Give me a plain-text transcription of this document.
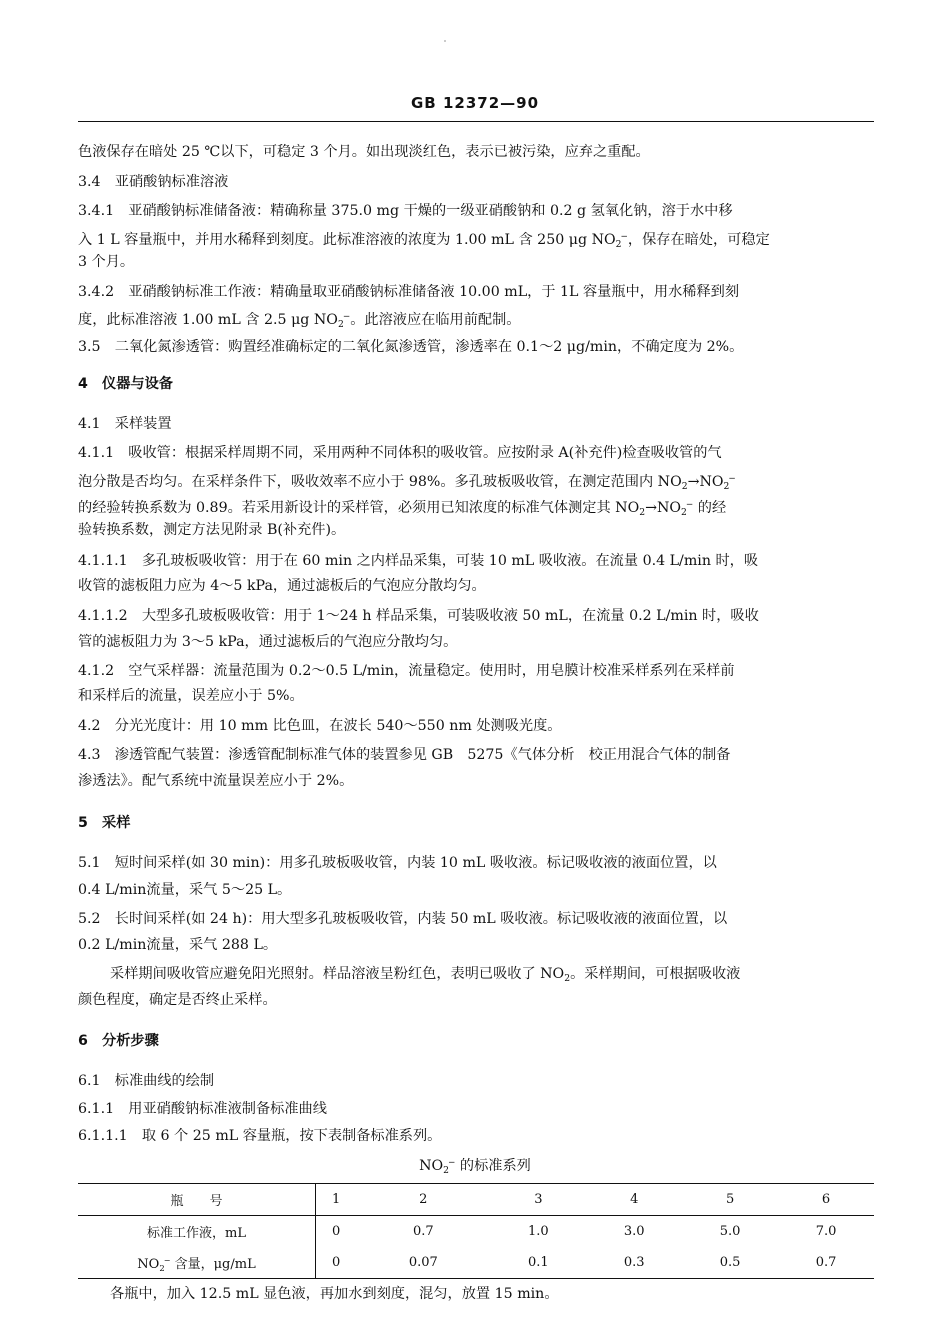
GB 12372—90
色液保存在暗处 25 ℃以下，可稳定 3 个月。如出现淡红色，表示已被污染，应弃之重配。
3.4　亚硝酸钠标准溶液
3.4.1　亚硝酸钠标准储备液：精确称量 375.0 mg 干燥的一级亚硝酸钠和 0.2 g 氢氧化钠，溶于水中移
入 1 L 容量瓶中，并用水稀释到刻度。此标准溶液的浓度为 1.00 mL 含 250 μg $NO_2^-$，保存在暗处，可稳定
3 个月。
3.4.2　亚硝酸钠标准工作液：精确量取亚硝酸钠标准储备液 10.00 mL，于 1L 容量瓶中，用水稀释到刻
度，此标准溶液 1.00 mL 含 2.5 μg $NO_2^-$。此溶液应在临用前配制。
3.5　二氧化氮渗透管：购置经准确标定的二氧化氮渗透管，渗透率在 0.1～2 μg/min，不确定度为 2%。
4　仪器与设备
4.1　采样装置
4.1.1　吸收管：根据采样周期不同，采用两种不同体积的吸收管。应按附录 A(补充件)检查吸收管的气
泡分散是否均匀。在采样条件下，吸收效率不应小于 98%。多孔玻板吸收管，在测定范围内 $NO_2\to NO_2^-$
的经验转换系数为 0.89。若采用新设计的采样管，必须用已知浓度的标准气体测定其 $NO_2\to NO_2^-$ 的经
验转换系数，测定方法见附录 B(补充件)。
4.1.1.1　多孔玻板吸收管：用于在 60 min 之内样品采集，可装 10 mL 吸收液。在流量 0.4 L/min 时，吸
收管的滤板阻力应为 4～5 kPa，通过滤板后的气泡应分散均匀。
4.1.1.2　大型多孔玻板吸收管：用于 1～24 h 样品采集，可装吸收液 50 mL，在流量 0.2 L/min 时，吸收
管的滤板阻力为 3～5 kPa，通过滤板后的气泡应分散均匀。
4.1.2　空气采样器：流量范围为 0.2～0.5 L/min，流量稳定。使用时，用皂膜计校准采样系列在采样前
和采样后的流量，误差应小于 5%。
4.2　分光光度计：用 10 mm 比色皿，在波长 540～550 nm 处测吸光度。
4.3　渗透管配气装置：渗透管配制标准气体的装置参见 GB　5275《气体分析　校正用混合气体的制备
渗透法》。配气系统中流量误差应小于 2%。
5　采样
5.1　短时间采样(如 30 min)：用多孔玻板吸收管，内装 10 mL 吸收液。标记吸收液的液面位置，以
0.4 L/min流量，采气 5～25 L。
5.2　长时间采样(如 24 h)：用大型多孔玻板吸收管，内装 50 mL 吸收液。标记吸收液的液面位置，以
0.2 L/min流量，采气 288 L。
采样期间吸收管应避免阳光照射。样品溶液呈粉红色，表明已吸收了 $NO_2$。采样期间，可根据吸收液
颜色程度，确定是否终止采样。
6　分析步骤
6.1　标准曲线的绘制
6.1.1　用亚硝酸钠标准液制备标准曲线
6.1.1.1　取 6 个 25 mL 容量瓶，按下表制备标准系列。
$NO_2^-$ 的标准系列
瓶　　号	1	2	3	4	5	6
标准工作液，mL	0	0.7	1.0	3.0	5.0	7.0
$NO_2^-$ 含量，μg/mL	0	0.07	0.1	0.3	0.5	0.7
各瓶中，加入 12.5 mL 显色液，再加水到刻度，混匀，放置 15 min。
